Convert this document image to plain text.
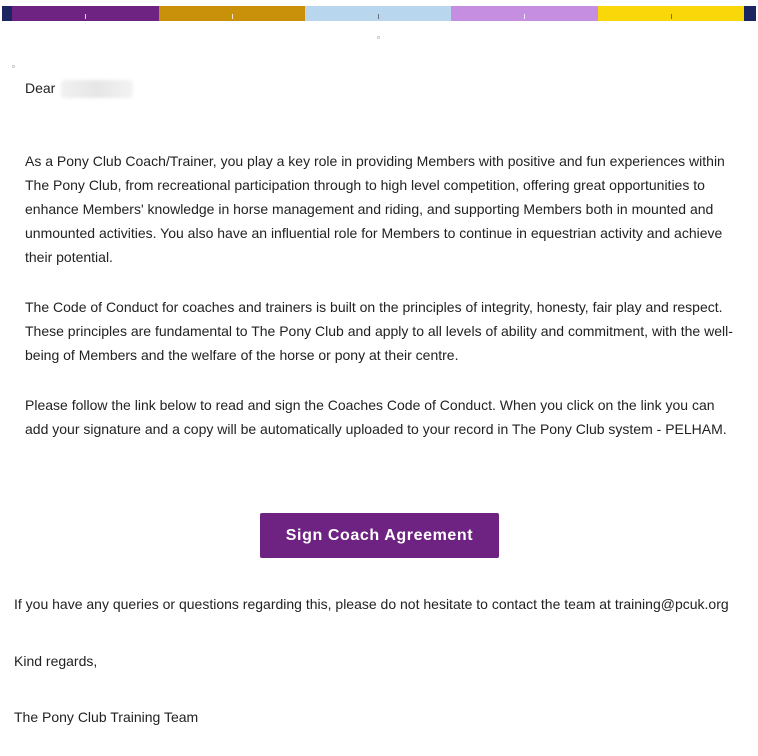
▫
▫

Dear

As a Pony Club Coach/Trainer, you play a key role in providing Members with positive and fun experiences within The Pony Club, from recreational participation through to high level competition, offering great opportunities to enhance Members' knowledge in horse management and riding, and supporting Members both in mounted and unmounted activities. You also have an influential role for Members to continue in equestrian activity and achieve their potential.

The Code of Conduct for coaches and trainers is built on the principles of integrity, honesty, fair play and respect. These principles are fundamental to The Pony Club and apply to all levels of ability and commitment, with the well-being of Members and the welfare of the horse or pony at their centre.

Please follow the link below to read and sign the Coaches Code of Conduct. When you click on the link you can add your signature and a copy will be automatically uploaded to your record in The Pony Club system - PELHAM.

Sign Coach Agreement

If you have any queries or questions regarding this, please do not hesitate to contact the team at training@pcuk.org

Kind regards,

The Pony Club Training Team
